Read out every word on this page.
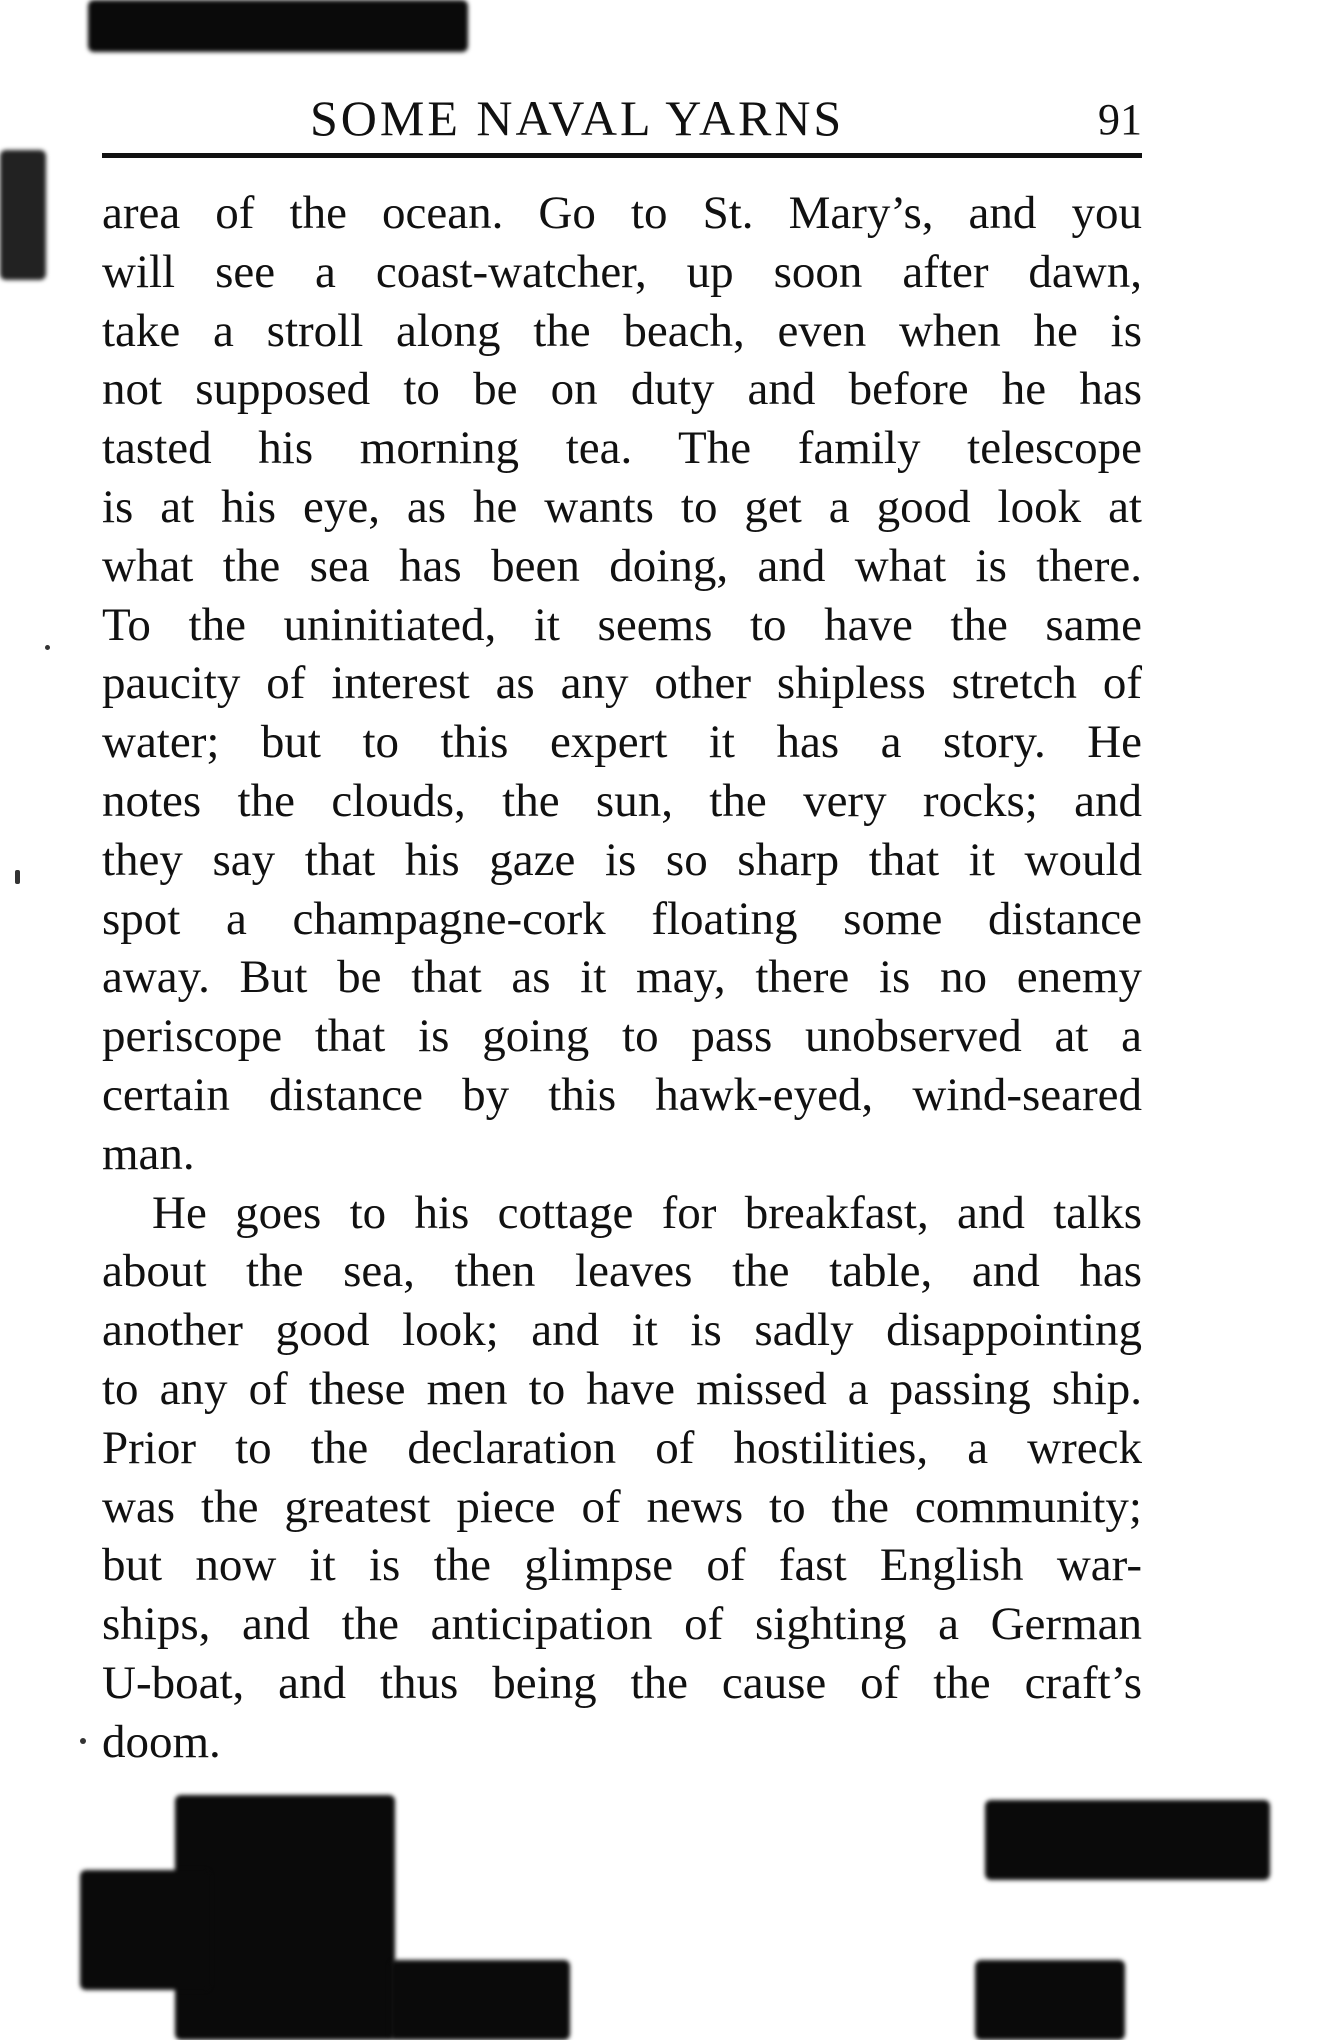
SOME NAVAL YARNS	91
area of the ocean. Go to St. Mary’s, and you
will see a coast-watcher, up soon after dawn,
take a stroll along the beach, even when he is
not supposed to be on duty and before he has
tasted his morning tea. The family telescope
is at his eye, as he wants to get a good look at
what the sea has been doing, and what is there.
To the uninitiated, it seems to have the same
paucity of interest as any other shipless stretch of
water; but to this expert it has a story. He
notes the clouds, the sun, the very rocks; and
they say that his gaze is so sharp that it would
spot a champagne-cork floating some distance
away. But be that as it may, there is no enemy
periscope that is going to pass unobserved at a
certain distance by this hawk-eyed, wind-seared
man.
He goes to his cottage for breakfast, and talks
about the sea, then leaves the table, and has
another good look; and it is sadly disappointing
to any of these men to have missed a passing ship.
Prior to the declaration of hostilities, a wreck
was the greatest piece of news to the community;
but now it is the glimpse of fast English war-
ships, and the anticipation of sighting a German
U-boat, and thus being the cause of the craft’s
doom.
